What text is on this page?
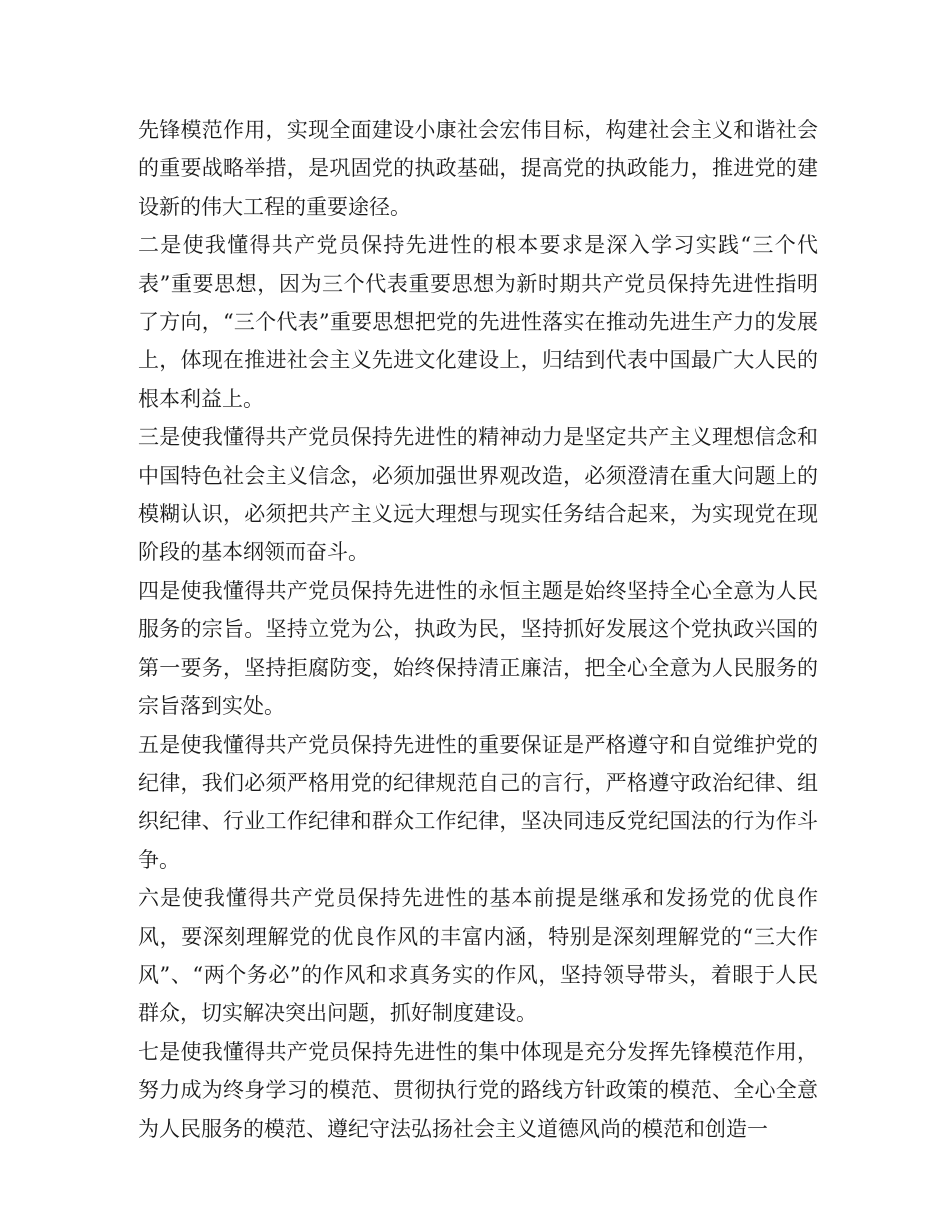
先锋模范作用，实现全面建设小康社会宏伟目标，构建社会主义和谐社会的重要战略举措，是巩固党的执政基础，提高党的执政能力，推进党的建设新的伟大工程的重要途径。

二是使我懂得共产党员保持先进性的根本要求是深入学习实践“三个代表”重要思想，因为三个代表重要思想为新时期共产党员保持先进性指明了方向，“三个代表”重要思想把党的先进性落实在推动先进生产力的发展上，体现在推进社会主义先进文化建设上，归结到代表中国最广大人民的根本利益上。

三是使我懂得共产党员保持先进性的精神动力是坚定共产主义理想信念和中国特色社会主义信念，必须加强世界观改造，必须澄清在重大问题上的模糊认识，必须把共产主义远大理想与现实任务结合起来，为实现党在现阶段的基本纲领而奋斗。

四是使我懂得共产党员保持先进性的永恒主题是始终坚持全心全意为人民服务的宗旨。坚持立党为公，执政为民，坚持抓好发展这个党执政兴国的第一要务，坚持拒腐防变，始终保持清正廉洁，把全心全意为人民服务的宗旨落到实处。

五是使我懂得共产党员保持先进性的重要保证是严格遵守和自觉维护党的纪律，我们必须严格用党的纪律规范自己的言行，严格遵守政治纪律、组织纪律、行业工作纪律和群众工作纪律，坚决同违反党纪国法的行为作斗争。

六是使我懂得共产党员保持先进性的基本前提是继承和发扬党的优良作风，要深刻理解党的优良作风的丰富内涵，特别是深刻理解党的“三大作风”、“两个务必”的作风和求真务实的作风，坚持领导带头，着眼于人民群众，切实解决突出问题，抓好制度建设。

七是使我懂得共产党员保持先进性的集中体现是充分发挥先锋模范作用，努力成为终身学习的模范、贯彻执行党的路线方针政策的模范、全心全意为人民服务的模范、遵纪守法弘扬社会主义道德风尚的模范和创造一
